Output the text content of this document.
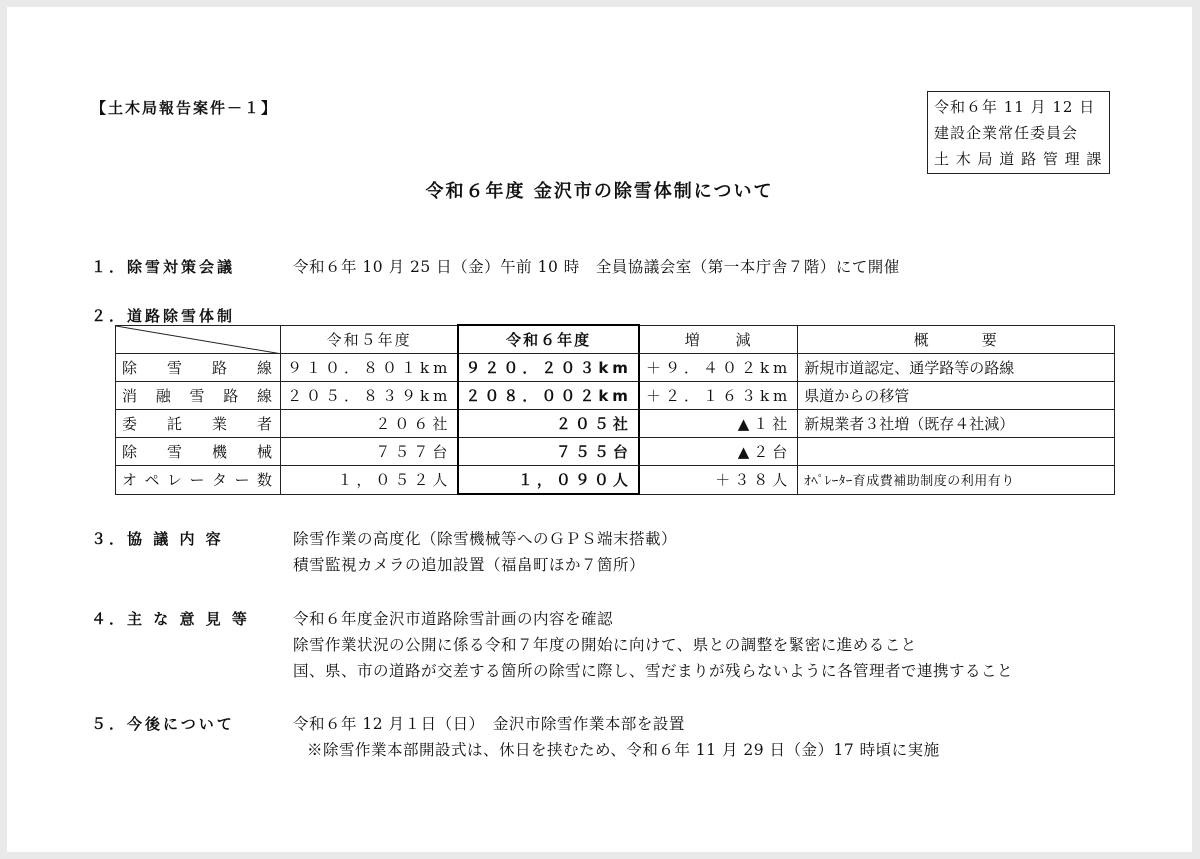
【土木局報告案件－１】	令和６年 11 月 12 日
建設企業常任委員会
土 木 局 道 路 管 理 課
令和６年度 金沢市の除雪体制について
１．除雪対策会議	令和６年 10 月 25 日（金）午前 10 時　全員協議会室（第一本庁舎７階）にて開催
２．道路除雪体制
	令和５年度	令和６年度	増　　減	概　　　要
除雪路線	９１０．８０１km	９２０．２０３km	＋９．４０２km	新規市道認定、通学路等の路線
消融雪路線	２０５．８３９km	２０８．００２km	＋２．１６３km	県道からの移管
委託業者	２０６社	２０５社	▲１社	新規業者３社増（既存４社減）
除雪機械	７５７台	７５５台	▲２台	
オペレーター数	１，０５２人	１，０９０人	＋３８人	ｵﾍﾟﾚｰﾀｰ育成費補助制度の利用有り
３．協 議 内 容	除雪作業の高度化（除雪機械等へのＧＰＳ端末搭載）
積雪監視カメラの追加設置（福畠町ほか７箇所）
４．主 な 意 見 等	令和６年度金沢市道路除雪計画の内容を確認
除雪作業状況の公開に係る令和７年度の開始に向けて、県との調整を緊密に進めること
国、県、市の道路が交差する箇所の除雪に際し、雪だまりが残らないように各管理者で連携すること
５．今後について	令和６年 12 月１日（日）　金沢市除雪作業本部を設置
※除雪作業本部開設式は、休日を挟むため、令和６年 11 月 29 日（金）17 時頃に実施
